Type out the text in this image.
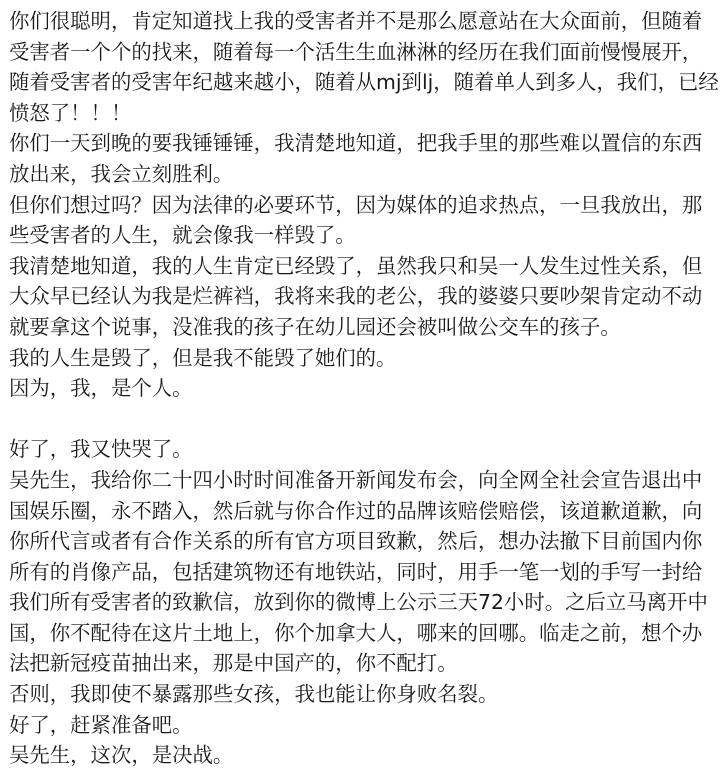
你们很聪明，肯定知道找上我的受害者并不是那么愿意站在大众面前，但随着受害者一个个的找来，随着每一个活生生血淋淋的经历在我们面前慢慢展开，随着受害者的受害年纪越来越小，随着从mj到lj，随着单人到多人，我们，已经愤怒了！！！

你们一天到晚的要我锤锤锤，我清楚地知道，把我手里的那些难以置信的东西放出来，我会立刻胜利。

但你们想过吗？因为法律的必要环节，因为媒体的追求热点，一旦我放出，那些受害者的人生，就会像我一样毁了。

我清楚地知道，我的人生肯定已经毁了，虽然我只和吴一人发生过性关系，但大众早已经认为我是烂裤裆，我将来我的老公，我的婆婆只要吵架肯定动不动就要拿这个说事，没准我的孩子在幼儿园还会被叫做公交车的孩子。

我的人生是毁了，但是我不能毁了她们的。

因为，我，是个人。

好了，我又快哭了。

吴先生，我给你二十四小时时间准备开新闻发布会，向全网全社会宣告退出中国娱乐圈，永不踏入，然后就与你合作过的品牌该赔偿赔偿，该道歉道歉，向你所代言或者有合作关系的所有官方项目致歉，然后，想办法撤下目前国内你所有的肖像产品，包括建筑物还有地铁站，同时，用手一笔一划的手写一封给我们所有受害者的致歉信，放到你的微博上公示三天72小时。之后立马离开中国，你不配待在这片土地上，你个加拿大人，哪来的回哪。临走之前，想个办法把新冠疫苗抽出来，那是中国产的，你不配打。

否则，我即使不暴露那些女孩，我也能让你身败名裂。

好了，赶紧准备吧。

吴先生，这次，是决战。
